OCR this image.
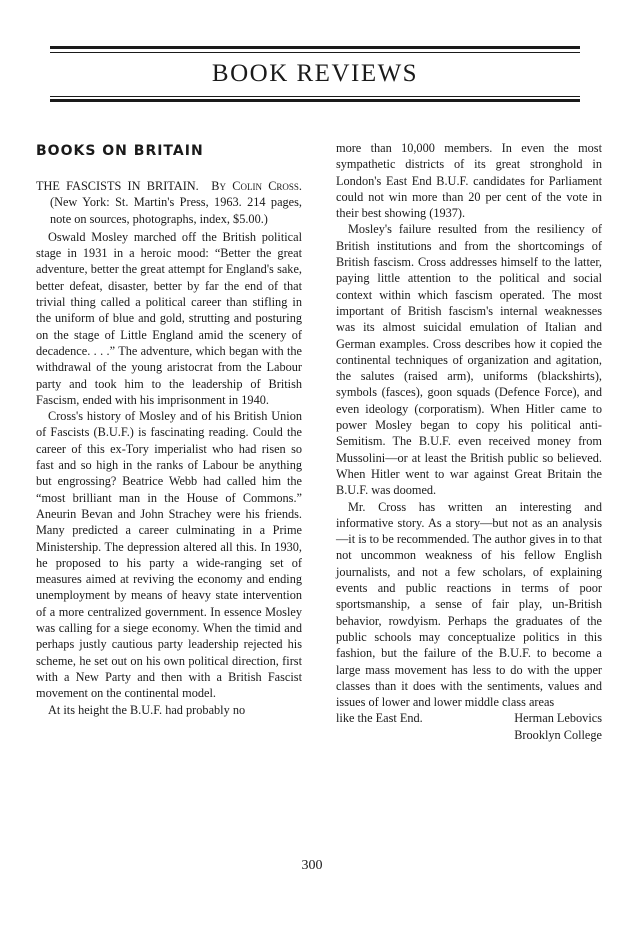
BOOK REVIEWS
BOOKS ON BRITAIN

THE FASCISTS IN BRITAIN. By Colin Cross. (New York: St. Martin's Press, 1963. 214 pages, note on sources, photographs, index, $5.00.)

Oswald Mosley marched off the British political stage in 1931 in a heroic mood: “Better the great adventure, better the great attempt for England's sake, better defeat, disaster, better by far the end of that trivial thing called a political career than stifling in the uniform of blue and gold, strutting and posturing on the stage of Little England amid the scenery of decadence. . . .” The adventure, which began with the withdrawal of the young aristocrat from the Labour party and took him to the leadership of British Fascism, ended with his imprisonment in 1940.

Cross's history of Mosley and of his British Union of Fascists (B.U.F.) is fascinating reading. Could the career of this ex-Tory imperialist who had risen so fast and so high in the ranks of Labour be anything but engrossing? Beatrice Webb had called him the “most brilliant man in the House of Commons.” Aneurin Bevan and John Strachey were his friends. Many predicted a career culminating in a Prime Ministership. The depression altered all this. In 1930, he proposed to his party a wide-ranging set of measures aimed at reviving the economy and ending unemployment by means of heavy state intervention of a more centralized government. In essence Mosley was calling for a siege economy. When the timid and perhaps justly cautious party leadership rejected his scheme, he set out on his own political direction, first with a New Party and then with a British Fascist movement on the continental model.

At its height the B.U.F. had probably no

more than 10,000 members. In even the most sympathetic districts of its great stronghold in London's East End B.U.F. candidates for Parliament could not win more than 20 per cent of the vote in their best showing (1937).

Mosley's failure resulted from the resiliency of British institutions and from the shortcomings of British fascism. Cross addresses himself to the latter, paying little attention to the political and social context within which fascism operated. The most important of British fascism's internal weaknesses was its almost suicidal emulation of Italian and German examples. Cross describes how it copied the continental techniques of organization and agitation, the salutes (raised arm), uniforms (blackshirts), symbols (fasces), goon squads (Defence Force), and even ideology (corporatism). When Hitler came to power Mosley began to copy his political anti-Semitism. The B.U.F. even received money from Mussolini—or at least the British public so believed. When Hitler went to war against Great Britain the B.U.F. was doomed.

Mr. Cross has written an interesting and informative story. As a story—but not as an analysis—it is to be recommended. The author gives in to that not uncommon weakness of his fellow English journalists, and not a few scholars, of explaining events and public reactions in terms of poor sportsmanship, a sense of fair play, un-British behavior, rowdyism. Perhaps the graduates of the public schools may conceptualize politics in this fashion, but the failure of the B.U.F. to become a large mass movement has less to do with the upper classes than it does with the sentiments, values and issues of lower and lower middle class areas

like the East End.	Herman Lebovics
Brooklyn College
300
